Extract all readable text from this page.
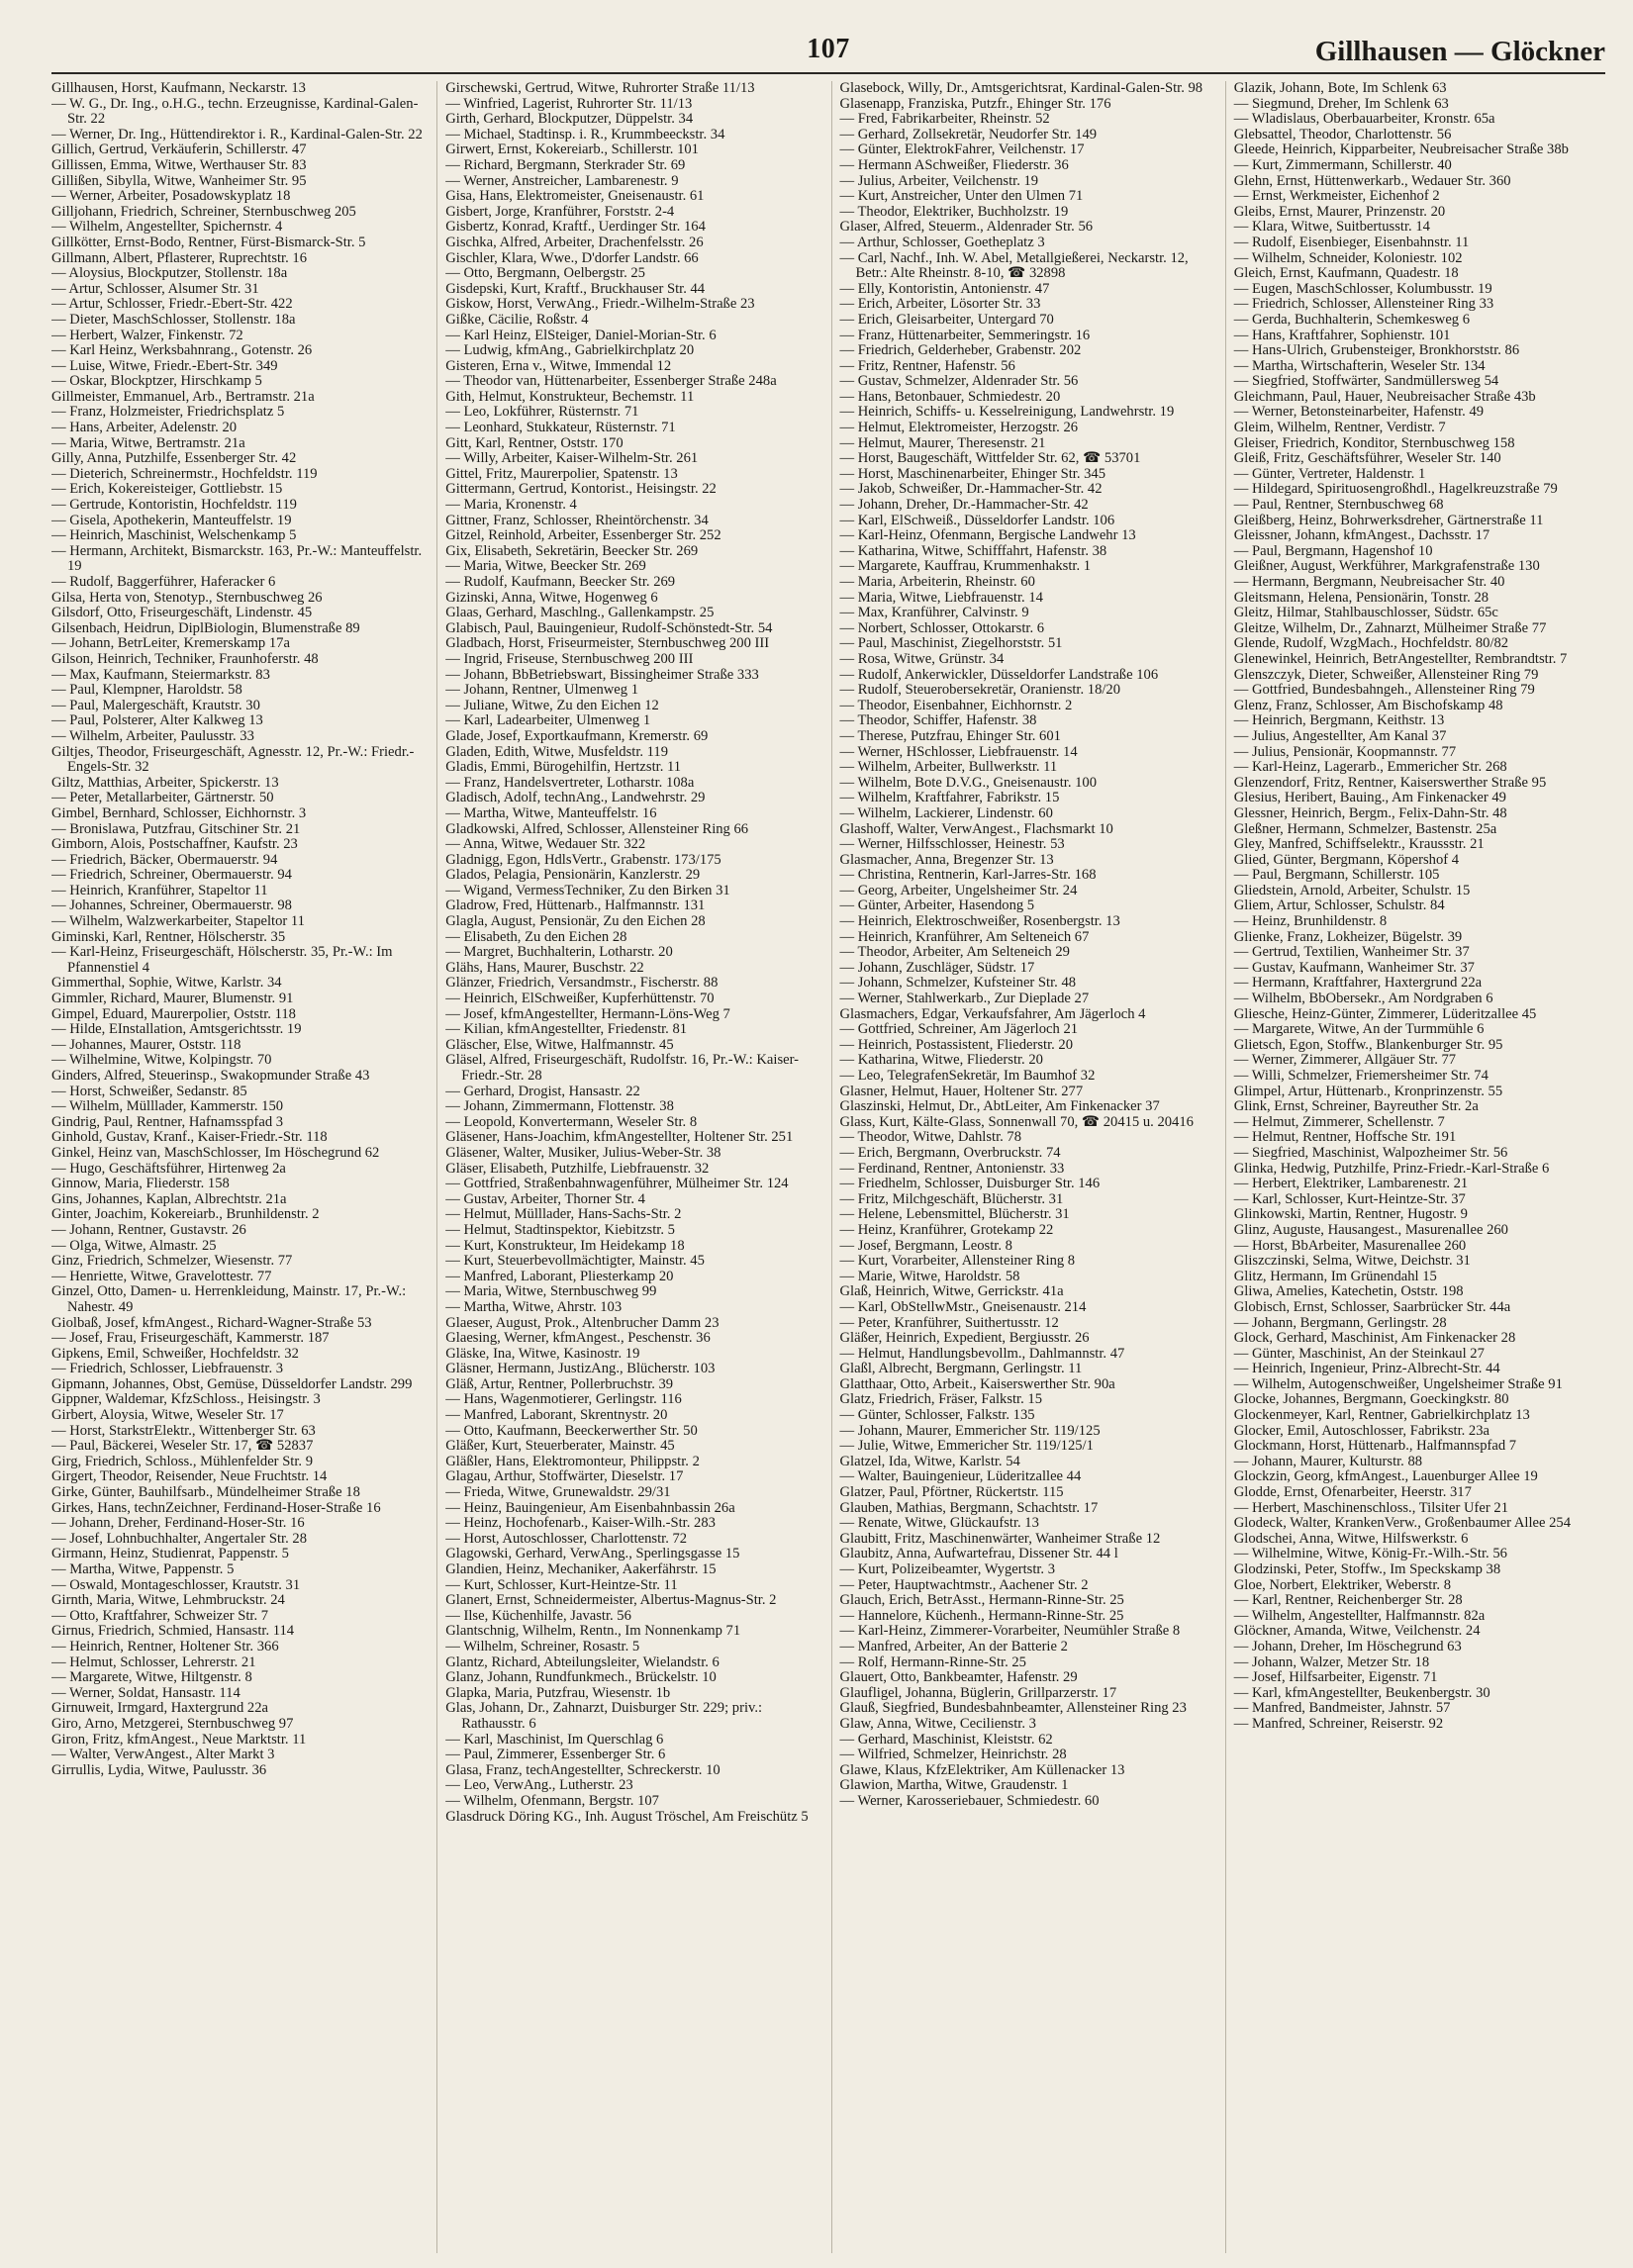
107	Gillhausen — Glöckner
Gillhausen, Horst, Kaufmann, Neckarstr. 13
— W. G., Dr. Ing., o.H.G., techn. Erzeugnisse, Kardinal-Galen-Str. 22
— Werner, Dr. Ing., Hüttendirektor i. R., Kardinal-Galen-Str. 22
Gillich, Gertrud, Verkäuferin, Schillerstr. 47
Gillissen, Emma, Witwe, Werthauser Str. 83
Gillißen, Sibylla, Witwe, Wanheimer Str. 95
— Werner, Arbeiter, Posadowskyplatz 18
Gilljohann, Friedrich, Schreiner, Sternbuschweg 205
— Wilhelm, Angestellter, Spichernstr. 4
Gillkötter, Ernst-Bodo, Rentner, Fürst-Bismarck-Str. 5
Gillmann, Albert, Pflasterer, Ruprechtstr. 16
— Aloysius, Blockputzer, Stollenstr. 18a
— Artur, Schlosser, Alsumer Str. 31
— Artur, Schlosser, Friedr.-Ebert-Str. 422
— Dieter, MaschSchlosser, Stollenstr. 18a
— Herbert, Walzer, Finkenstr. 72
— Karl Heinz, Werksbahnrang., Gotenstr. 26
— Luise, Witwe, Friedr.-Ebert-Str. 349
— Oskar, Blockptzer, Hirschkamp 5
Gillmeister, Emmanuel, Arb., Bertramstr. 21a
— Franz, Holzmeister, Friedrichsplatz 5
— Hans, Arbeiter, Adelenstr. 20
— Maria, Witwe, Bertramstr. 21a
Gilly, Anna, Putzhilfe, Essenberger Str. 42
— Dieterich, Schreinermstr., Hochfeldstr. 119
— Erich, Kokereisteiger, Gottliebstr. 15
— Gertrude, Kontoristin, Hochfeldstr. 119
— Gisela, Apothekerin, Manteuffelstr. 19
— Heinrich, Maschinist, Welschenkamp 5
— Hermann, Architekt, Bismarckstr. 163, Pr.-W.: Manteuffelstr. 19
— Rudolf, Baggerführer, Haferacker 6
Gilsa, Herta von, Stenotyp., Sternbuschweg 26
Gilsdorf, Otto, Friseurgeschäft, Lindenstr. 45
Gilsenbach, Heidrun, DiplBiologin, Blumenstraße 89
— Johann, BetrLeiter, Kremerskamp 17a
Gilson, Heinrich, Techniker, Fraunhoferstr. 48
— Max, Kaufmann, Steiermarkstr. 83
— Paul, Klempner, Haroldstr. 58
— Paul, Malergeschäft, Krautstr. 30
— Paul, Polsterer, Alter Kalkweg 13
— Wilhelm, Arbeiter, Paulusstr. 33
Giltjes, Theodor, Friseurgeschäft, Agnesstr. 12, Pr.-W.: Friedr.-Engels-Str. 32
Giltz, Matthias, Arbeiter, Spickerstr. 13
— Peter, Metallarbeiter, Gärtnerstr. 50
Gimbel, Bernhard, Schlosser, Eichhornstr. 3
— Bronislawa, Putzfrau, Gitschiner Str. 21
Gimborn, Alois, Postschaffner, Kaufstr. 23
— Friedrich, Bäcker, Obermauerstr. 94
— Friedrich, Schreiner, Obermauerstr. 94
— Heinrich, Kranführer, Stapeltor 11
— Johannes, Schreiner, Obermauerstr. 98
— Wilhelm, Walzwerkarbeiter, Stapeltor 11
Giminski, Karl, Rentner, Hölscherstr. 35
— Karl-Heinz, Friseurgeschäft, Hölscherstr. 35, Pr.-W.: Im Pfannenstiel 4
Gimmerthal, Sophie, Witwe, Karlstr. 34
Gimmler, Richard, Maurer, Blumenstr. 91
Gimpel, Eduard, Maurerpolier, Oststr. 118
— Hilde, EInstallation, Amtsgerichtsstr. 19
— Johannes, Maurer, Oststr. 118
— Wilhelmine, Witwe, Kolpingstr. 70
Ginders, Alfred, Steuerinsp., Swakopmunder Straße 43
— Horst, Schweißer, Sedanstr. 85
— Wilhelm, Mülllader, Kammerstr. 150
Gindrig, Paul, Rentner, Hafnamsspfad 3
Ginhold, Gustav, Kranf., Kaiser-Friedr.-Str. 118
Ginkel, Heinz van, MaschSchlosser, Im Höschegrund 62
— Hugo, Geschäftsführer, Hirtenweg 2a
Ginnow, Maria, Fliederstr. 158
Gins, Johannes, Kaplan, Albrechtstr. 21a
Ginter, Joachim, Kokereiarb., Brunhildenstr. 2
— Johann, Rentner, Gustavstr. 26
— Olga, Witwe, Almastr. 25
Ginz, Friedrich, Schmelzer, Wiesenstr. 77
— Henriette, Witwe, Gravelottestr. 77
Ginzel, Otto, Damen- u. Herrenkleidung, Mainstr. 17, Pr.-W.: Nahestr. 49
Giolbaß, Josef, kfmAngest., Richard-Wagner-Straße 53
— Josef, Frau, Friseurgeschäft, Kammerstr. 187
Gipkens, Emil, Schweißer, Hochfeldstr. 32
— Friedrich, Schlosser, Liebfrauenstr. 3
Gipmann, Johannes, Obst, Gemüse, Düsseldorfer Landstr. 299
Gippner, Waldemar, KfzSchloss., Heisingstr. 3
Girbert, Aloysia, Witwe, Weseler Str. 17
— Horst, StarkstrElektr., Wittenberger Str. 63
— Paul, Bäckerei, Weseler Str. 17, ☎ 52837
Girg, Friedrich, Schloss., Mühlenfelder Str. 9
Girgert, Theodor, Reisender, Neue Fruchtstr. 14
Girke, Günter, Bauhilfsarb., Mündelheimer Straße 18
Girkes, Hans, technZeichner, Ferdinand-Hoser-Straße 16
— Johann, Dreher, Ferdinand-Hoser-Str. 16
— Josef, Lohnbuchhalter, Angertaler Str. 28
Girmann, Heinz, Studienrat, Pappenstr. 5
— Martha, Witwe, Pappenstr. 5
— Oswald, Montageschlosser, Krautstr. 31
Girnth, Maria, Witwe, Lehmbruckstr. 24
— Otto, Kraftfahrer, Schweizer Str. 7
Girnus, Friedrich, Schmied, Hansastr. 114
— Heinrich, Rentner, Holtener Str. 366
— Helmut, Schlosser, Lehrerstr. 21
— Margarete, Witwe, Hiltgenstr. 8
— Werner, Soldat, Hansastr. 114
Girnuweit, Irmgard, Haxtergrund 22a
Giro, Arno, Metzgerei, Sternbuschweg 97
Giron, Fritz, kfmAngest., Neue Marktstr. 11
— Walter, VerwAngest., Alter Markt 3
Girrullis, Lydia, Witwe, Paulusstr. 36
Girschewski, Gertrud, Witwe, Ruhrorter Straße 11/13
— Winfried, Lagerist, Ruhrorter Str. 11/13
Girth, Gerhard, Blockputzer, Düppelstr. 34
— Michael, Stadtinsp. i. R., Krummbeeckstr. 34
Girwert, Ernst, Kokereiarb., Schillerstr. 101
— Richard, Bergmann, Sterkrader Str. 69
— Werner, Anstreicher, Lambarenestr. 9
Gisa, Hans, Elektromeister, Gneisenaustr. 61
Gisbert, Jorge, Kranführer, Forststr. 2-4
Gisbertz, Konrad, Kraftf., Uerdinger Str. 164
Gischka, Alfred, Arbeiter, Drachenfelsstr. 26
Gischler, Klara, Wwe., D'dorfer Landstr. 66
— Otto, Bergmann, Oelbergstr. 25
Gisdepski, Kurt, Kraftf., Bruckhauser Str. 44
Giskow, Horst, VerwAng., Friedr.-Wilhelm-Straße 23
Gißke, Cäcilie, Roßstr. 4
— Karl Heinz, ElSteiger, Daniel-Morian-Str. 6
— Ludwig, kfmAng., Gabrielkirchplatz 20
Gisteren, Erna v., Witwe, Immendal 12
— Theodor van, Hüttenarbeiter, Essenberger Straße 248a
Gith, Helmut, Konstrukteur, Bechemstr. 11
— Leo, Lokführer, Rüsternstr. 71
— Leonhard, Stukkateur, Rüsternstr. 71
Gitt, Karl, Rentner, Oststr. 170
— Willy, Arbeiter, Kaiser-Wilhelm-Str. 261
Gittel, Fritz, Maurerpolier, Spatenstr. 13
Gittermann, Gertrud, Kontorist., Heisingstr. 22
— Maria, Kronenstr. 4
Gittner, Franz, Schlosser, Rheintörchenstr. 34
Gitzel, Reinhold, Arbeiter, Essenberger Str. 252
Gix, Elisabeth, Sekretärin, Beecker Str. 269
— Maria, Witwe, Beecker Str. 269
— Rudolf, Kaufmann, Beecker Str. 269
Gizinski, Anna, Witwe, Hogenweg 6
Glaas, Gerhard, Maschlng., Gallenkampstr. 25
Glabisch, Paul, Bauingenieur, Rudolf-Schönstedt-Str. 54
Gladbach, Horst, Friseurmeister, Sternbuschweg 200 III
— Ingrid, Friseuse, Sternbuschweg 200 III
— Johann, BbBetriebswart, Bissingheimer Straße 333
— Johann, Rentner, Ulmenweg 1
— Juliane, Witwe, Zu den Eichen 12
— Karl, Ladearbeiter, Ulmenweg 1
Glade, Josef, Exportkaufmann, Kremerstr. 69
Gladen, Edith, Witwe, Musfeldstr. 119
Gladis, Emmi, Bürogehilfin, Hertzstr. 11
— Franz, Handelsvertreter, Lotharstr. 108a
Gladisch, Adolf, technAng., Landwehrstr. 29
— Martha, Witwe, Manteuffelstr. 16
Gladkowski, Alfred, Schlosser, Allensteiner Ring 66
— Anna, Witwe, Wedauer Str. 322
Gladnigg, Egon, HdlsVertr., Grabenstr. 173/175
Glados, Pelagia, Pensionärin, Kanzlerstr. 29
— Wigand, VermessTechniker, Zu den Birken 31
Gladrow, Fred, Hüttenarb., Halfmannstr. 131
Glagla, August, Pensionär, Zu den Eichen 28
— Elisabeth, Zu den Eichen 28
— Margret, Buchhalterin, Lotharstr. 20
Glähs, Hans, Maurer, Buschstr. 22
Glänzer, Friedrich, Versandmstr., Fischerstr. 88
— Heinrich, ElSchweißer, Kupferhüttenstr. 70
— Josef, kfmAngestellter, Hermann-Löns-Weg 7
— Kilian, kfmAngestellter, Friedenstr. 81
Gläscher, Else, Witwe, Halfmannstr. 45
Gläsel, Alfred, Friseurgeschäft, Rudolfstr. 16, Pr.-W.: Kaiser-Friedr.-Str. 28
— Gerhard, Drogist, Hansastr. 22
— Johann, Zimmermann, Flottenstr. 38
— Leopold, Konvertermann, Weseler Str. 8
Gläsener, Hans-Joachim, kfmAngestellter, Holtener Str. 251
Gläsener, Walter, Musiker, Julius-Weber-Str. 38
Gläser, Elisabeth, Putzhilfe, Liebfrauenstr. 32
— Gottfried, Straßenbahnwagenführer, Mülheimer Str. 124
— Gustav, Arbeiter, Thorner Str. 4
— Helmut, Mülllader, Hans-Sachs-Str. 2
— Helmut, Stadtinspektor, Kiebitzstr. 5
— Kurt, Konstrukteur, Im Heidekamp 18
— Kurt, Steuerbevollmächtigter, Mainstr. 45
— Manfred, Laborant, Pliesterkamp 20
— Maria, Witwe, Sternbuschweg 99
— Martha, Witwe, Ahrstr. 103
Glaeser, August, Prok., Altenbrucher Damm 23
Glaesing, Werner, kfmAngest., Peschenstr. 36
Gläske, Ina, Witwe, Kasinostr. 19
Gläsner, Hermann, JustizAng., Blücherstr. 103
Gläß, Artur, Rentner, Pollerbruchstr. 39
— Hans, Wagenmotierer, Gerlingstr. 116
— Manfred, Laborant, Skrentnystr. 20
— Otto, Kaufmann, Beeckerwerther Str. 50
Gläßer, Kurt, Steuerberater, Mainstr. 45
Gläßler, Hans, Elektromonteur, Philippstr. 2
Glagau, Arthur, Stoffwärter, Dieselstr. 17
— Frieda, Witwe, Grunewaldstr. 29/31
— Heinz, Bauingenieur, Am Eisenbahnbassin 26a
— Heinz, Hochofenarb., Kaiser-Wilh.-Str. 283
— Horst, Autoschlosser, Charlottenstr. 72
Glagowski, Gerhard, VerwAng., Sperlingsgasse 15
Glandien, Heinz, Mechaniker, Aakerfährstr. 15
— Kurt, Schlosser, Kurt-Heintze-Str. 11
Glanert, Ernst, Schneidermeister, Albertus-Magnus-Str. 2
— Ilse, Küchenhilfe, Javastr. 56
Glantschnig, Wilhelm, Rentn., Im Nonnenkamp 71
— Wilhelm, Schreiner, Rosastr. 5
Glantz, Richard, Abteilungsleiter, Wielandstr. 6
Glanz, Johann, Rundfunkmech., Brückelstr. 10
Glapka, Maria, Putzfrau, Wiesenstr. 1b
Glas, Johann, Dr., Zahnarzt, Duisburger Str. 229; priv.: Rathausstr. 6
— Karl, Maschinist, Im Querschlag 6
— Paul, Zimmerer, Essenberger Str. 6
Glasa, Franz, techAngestellter, Schreckerstr. 10
— Leo, VerwAng., Lutherstr. 23
— Wilhelm, Ofenmann, Bergstr. 107
Glasdruck Döring KG., Inh. August Tröschel, Am Freischütz 5
Glasebock, Willy, Dr., Amtsgerichtsrat, Kardinal-Galen-Str. 98
Glasenapp, Franziska, Putzfr., Ehinger Str. 176
— Fred, Fabrikarbeiter, Rheinstr. 52
— Gerhard, Zollsekretär, Neudorfer Str. 149
— Günter, ElektrokFahrer, Veilchenstr. 17
— Hermann ASchweißer, Fliederstr. 36
— Julius, Arbeiter, Veilchenstr. 19
— Kurt, Anstreicher, Unter den Ulmen 71
— Theodor, Elektriker, Buchholzstr. 19
Glaser, Alfred, Steuerm., Aldenrader Str. 56
— Arthur, Schlosser, Goetheplatz 3
— Carl, Nachf., Inh. W. Abel, Metallgießerei, Neckarstr. 12, Betr.: Alte Rheinstr. 8-10, ☎ 32898
— Elly, Kontoristin, Antonienstr. 47
— Erich, Arbeiter, Lösorter Str. 33
— Erich, Gleisarbeiter, Untergard 70
— Franz, Hüttenarbeiter, Semmeringstr. 16
— Friedrich, Gelderheber, Grabenstr. 202
— Fritz, Rentner, Hafenstr. 56
— Gustav, Schmelzer, Aldenrader Str. 56
— Hans, Betonbauer, Schmiedestr. 20
— Heinrich, Schiffs- u. Kesselreinigung, Landwehrstr. 19
— Helmut, Elektromeister, Herzogstr. 26
— Helmut, Maurer, Theresenstr. 21
— Horst, Baugeschäft, Wittfelder Str. 62, ☎ 53701
— Horst, Maschinenarbeiter, Ehinger Str. 345
— Jakob, Schweißer, Dr.-Hammacher-Str. 42
— Johann, Dreher, Dr.-Hammacher-Str. 42
— Karl, ElSchweiß., Düsseldorfer Landstr. 106
— Karl-Heinz, Ofenmann, Bergische Landwehr 13
— Katharina, Witwe, Schifffahrt, Hafenstr. 38
— Margarete, Kauffrau, Krummenhakstr. 1
— Maria, Arbeiterin, Rheinstr. 60
— Maria, Witwe, Liebfrauenstr. 14
— Max, Kranführer, Calvinstr. 9
— Norbert, Schlosser, Ottokarstr. 6
— Paul, Maschinist, Ziegelhorststr. 51
— Rosa, Witwe, Grünstr. 34
— Rudolf, Ankerwickler, Düsseldorfer Landstraße 106
— Rudolf, Steuerobersekretär, Oranienstr. 18/20
— Theodor, Eisenbahner, Eichhornstr. 2
— Theodor, Schiffer, Hafenstr. 38
— Therese, Putzfrau, Ehinger Str. 601
— Werner, HSchlosser, Liebfrauenstr. 14
— Wilhelm, Arbeiter, Bullwerkstr. 11
— Wilhelm, Bote D.V.G., Gneisenaustr. 100
— Wilhelm, Kraftfahrer, Fabrikstr. 15
— Wilhelm, Lackierer, Lindenstr. 60
Glashoff, Walter, VerwAngest., Flachsmarkt 10
— Werner, Hilfsschlosser, Heinestr. 53
Glasmacher, Anna, Bregenzer Str. 13
— Christina, Rentnerin, Karl-Jarres-Str. 168
— Georg, Arbeiter, Ungelsheimer Str. 24
— Günter, Arbeiter, Hasendong 5
— Heinrich, Elektroschweißer, Rosenbergstr. 13
— Heinrich, Kranführer, Am Selteneich 67
— Theodor, Arbeiter, Am Selteneich 29
— Johann, Zuschläger, Südstr. 17
— Johann, Schmelzer, Kufsteiner Str. 48
— Werner, Stahlwerkarb., Zur Dieplade 27
Glasmachers, Edgar, Verkaufsfahrer, Am Jägerloch 4
— Gottfried, Schreiner, Am Jägerloch 21
— Heinrich, Postassistent, Fliederstr. 20
— Katharina, Witwe, Fliederstr. 20
— Leo, TelegrafenSekretär, Im Baumhof 32
Glasner, Helmut, Hauer, Holtener Str. 277
Glaszinski, Helmut, Dr., AbtLeiter, Am Finkenacker 37
Glass, Kurt, Kälte-Glass, Sonnenwall 70, ☎ 20415 u. 20416
— Theodor, Witwe, Dahlstr. 78
— Erich, Bergmann, Overbruckstr. 74
— Ferdinand, Rentner, Antonienstr. 33
— Friedhelm, Schlosser, Duisburger Str. 146
— Fritz, Milchgeschäft, Blücherstr. 31
— Helene, Lebensmittel, Blücherstr. 31
— Heinz, Kranführer, Grotekamp 22
— Josef, Bergmann, Leostr. 8
— Kurt, Vorarbeiter, Allensteiner Ring 8
— Marie, Witwe, Haroldstr. 58
Glaß, Heinrich, Witwe, Gerrickstr. 41a
— Karl, ObStellwMstr., Gneisenaustr. 214
— Peter, Kranführer, Suithertusstr. 12
Gläßer, Heinrich, Expedient, Bergiusstr. 26
— Helmut, Handlungsbevollm., Dahlmannstr. 47
Glaßl, Albrecht, Bergmann, Gerlingstr. 11
Glatthaar, Otto, Arbeit., Kaiserswerther Str. 90a
Glatz, Friedrich, Fräser, Falkstr. 15
— Günter, Schlosser, Falkstr. 135
— Johann, Maurer, Emmericher Str. 119/125
— Julie, Witwe, Emmericher Str. 119/125/1
Glatzel, Ida, Witwe, Karlstr. 54
— Walter, Bauingenieur, Lüderitzallee 44
Glatzer, Paul, Pförtner, Rückertstr. 115
Glauben, Mathias, Bergmann, Schachtstr. 17
— Renate, Witwe, Glückaufstr. 13
Glaubitt, Fritz, Maschinenwärter, Wanheimer Straße 12
Glaubitz, Anna, Aufwartefrau, Dissener Str. 44 l
— Kurt, Polizeibeamter, Wygertstr. 3
— Peter, Hauptwachtmstr., Aachener Str. 2
Glauch, Erich, BetrAsst., Hermann-Rinne-Str. 25
— Hannelore, Küchenh., Hermann-Rinne-Str. 25
— Karl-Heinz, Zimmerer-Vorarbeiter, Neumühler Straße 8
— Manfred, Arbeiter, An der Batterie 2
— Rolf, Hermann-Rinne-Str. 25
Glauert, Otto, Bankbeamter, Hafenstr. 29
Glaufligel, Johanna, Büglerin, Grillparzerstr. 17
Glauß, Siegfried, Bundesbahnbeamter, Allensteiner Ring 23
Glaw, Anna, Witwe, Cecilienstr. 3
— Gerhard, Maschinist, Kleiststr. 62
— Wilfried, Schmelzer, Heinrichstr. 28
Glawe, Klaus, KfzElektriker, Am Küllenacker 13
Glawion, Martha, Witwe, Graudenstr. 1
— Werner, Karosseriebauer, Schmiedestr. 60
Glazik, Johann, Bote, Im Schlenk 63
— Siegmund, Dreher, Im Schlenk 63
— Wladislaus, Oberbauarbeiter, Kronstr. 65a
Glebsattel, Theodor, Charlottenstr. 56
Gleede, Heinrich, Kipparbeiter, Neubreisacher Straße 38b
— Kurt, Zimmermann, Schillerstr. 40
Glehn, Ernst, Hüttenwerkarb., Wedauer Str. 360
— Ernst, Werkmeister, Eichenhof 2
Gleibs, Ernst, Maurer, Prinzenstr. 20
— Klara, Witwe, Suitbertusstr. 14
— Rudolf, Eisenbieger, Eisenbahnstr. 11
— Wilhelm, Schneider, Koloniestr. 102
Gleich, Ernst, Kaufmann, Quadestr. 18
— Eugen, MaschSchlosser, Kolumbusstr. 19
— Friedrich, Schlosser, Allensteiner Ring 33
— Gerda, Buchhalterin, Schemkesweg 6
— Hans, Kraftfahrer, Sophienstr. 101
— Hans-Ulrich, Grubensteiger, Bronkhorststr. 86
— Martha, Wirtschafterin, Weseler Str. 134
— Siegfried, Stoffwärter, Sandmüllersweg 54
Gleichmann, Paul, Hauer, Neubreisacher Straße 43b
— Werner, Betonsteinarbeiter, Hafenstr. 49
Gleim, Wilhelm, Rentner, Verdistr. 7
Gleiser, Friedrich, Konditor, Sternbuschweg 158
Gleiß, Fritz, Geschäftsführer, Weseler Str. 140
— Günter, Vertreter, Haldenstr. 1
— Hildegard, Spirituosengroßhdl., Hagelkreuzstraße 79
— Paul, Rentner, Sternbuschweg 68
Gleißberg, Heinz, Bohrwerksdreher, Gärtnerstraße 11
Gleissner, Johann, kfmAngest., Dachsstr. 17
— Paul, Bergmann, Hagenshof 10
Gleißner, August, Werkführer, Markgrafenstraße 130
— Hermann, Bergmann, Neubreisacher Str. 40
Gleitsmann, Helena, Pensionärin, Tonstr. 28
Gleitz, Hilmar, Stahlbauschlosser, Südstr. 65c
Gleitze, Wilhelm, Dr., Zahnarzt, Mülheimer Straße 77
Glende, Rudolf, WzgMach., Hochfeldstr. 80/82
Glenewinkel, Heinrich, BetrAngestellter, Rembrandtstr. 7
Glenszczyk, Dieter, Schweißer, Allensteiner Ring 79
— Gottfried, Bundesbahngeh., Allensteiner Ring 79
Glenz, Franz, Schlosser, Am Bischofskamp 48
— Heinrich, Bergmann, Keithstr. 13
— Julius, Angestellter, Am Kanal 37
— Julius, Pensionär, Koopmannstr. 77
— Karl-Heinz, Lagerarb., Emmericher Str. 268
Glenzendorf, Fritz, Rentner, Kaiserswerther Straße 95
Glesius, Heribert, Bauing., Am Finkenacker 49
Glessner, Heinrich, Bergm., Felix-Dahn-Str. 48
Gleßner, Hermann, Schmelzer, Bastenstr. 25a
Gley, Manfred, Schiffselektr., Kraussstr. 21
Glied, Günter, Bergmann, Köpershof 4
— Paul, Bergmann, Schillerstr. 105
Gliedstein, Arnold, Arbeiter, Schulstr. 15
Gliem, Artur, Schlosser, Schulstr. 84
— Heinz, Brunhildenstr. 8
Glienke, Franz, Lokheizer, Bügelstr. 39
— Gertrud, Textilien, Wanheimer Str. 37
— Gustav, Kaufmann, Wanheimer Str. 37
— Hermann, Kraftfahrer, Haxtergrund 22a
— Wilhelm, BbObersekr., Am Nordgraben 6
Gliesche, Heinz-Günter, Zimmerer, Lüderitzallee 45
— Margarete, Witwe, An der Turmmühle 6
Glietsch, Egon, Stoffw., Blankenburger Str. 95
— Werner, Zimmerer, Allgäuer Str. 77
— Willi, Schmelzer, Friemersheimer Str. 74
Glimpel, Artur, Hüttenarb., Kronprinzenstr. 55
Glink, Ernst, Schreiner, Bayreuther Str. 2a
— Helmut, Zimmerer, Schellenstr. 7
— Helmut, Rentner, Hoffsche Str. 191
— Siegfried, Maschinist, Walpozheimer Str. 56
Glinka, Hedwig, Putzhilfe, Prinz-Friedr.-Karl-Straße 6
— Herbert, Elektriker, Lambarenestr. 21
— Karl, Schlosser, Kurt-Heintze-Str. 37
Glinkowski, Martin, Rentner, Hugostr. 9
Glinz, Auguste, Hausangest., Masurenallee 260
— Horst, BbArbeiter, Masurenallee 260
Gliszczinski, Selma, Witwe, Deichstr. 31
Glitz, Hermann, Im Grünendahl 15
Gliwa, Amelies, Katechetin, Oststr. 198
Globisch, Ernst, Schlosser, Saarbrücker Str. 44a
— Johann, Bergmann, Gerlingstr. 28
Glock, Gerhard, Maschinist, Am Finkenacker 28
— Günter, Maschinist, An der Steinkaul 27
— Heinrich, Ingenieur, Prinz-Albrecht-Str. 44
— Wilhelm, Autogenschweißer, Ungelsheimer Straße 91
Glocke, Johannes, Bergmann, Goeckingkstr. 80
Glockenmeyer, Karl, Rentner, Gabrielkirchplatz 13
Glocker, Emil, Autoschlosser, Fabrikstr. 23a
Glockmann, Horst, Hüttenarb., Halfmannspfad 7
— Johann, Maurer, Kulturstr. 88
Glockzin, Georg, kfmAngest., Lauenburger Allee 19
Glodde, Ernst, Ofenarbeiter, Heerstr. 317
— Herbert, Maschinenschloss., Tilsiter Ufer 21
Glodeck, Walter, KrankenVerw., Großenbaumer Allee 254
Glodschei, Anna, Witwe, Hilfswerkstr. 6
— Wilhelmine, Witwe, König-Fr.-Wilh.-Str. 56
Glodzinski, Peter, Stoffw., Im Speckskamp 38
Gloe, Norbert, Elektriker, Weberstr. 8
— Karl, Rentner, Reichenberger Str. 28
— Wilhelm, Angestellter, Halfmannstr. 82a
Glöckner, Amanda, Witwe, Veilchenstr. 24
— Johann, Dreher, Im Höschegrund 63
— Johann, Walzer, Metzer Str. 18
— Josef, Hilfsarbeiter, Eigenstr. 71
— Karl, kfmAngestellter, Beukenbergstr. 30
— Manfred, Bandmeister, Jahnstr. 57
— Manfred, Schreiner, Reiserstr. 92
